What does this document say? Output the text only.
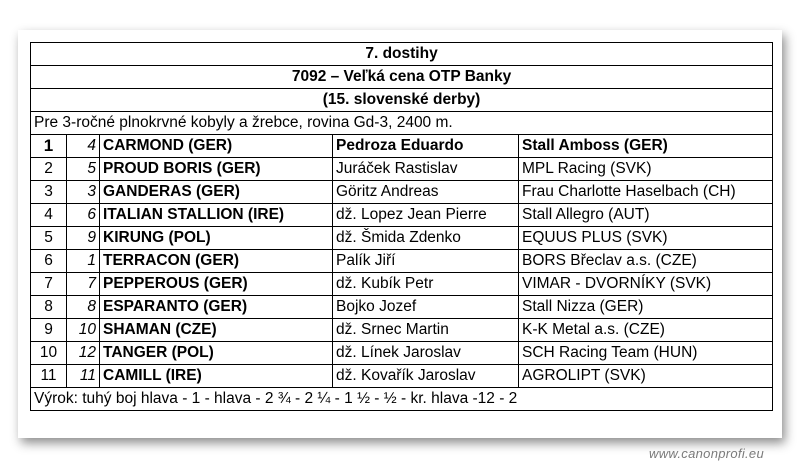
7. dostihy				
7092 – Veľká cena OTP Banky				
(15. slovenské derby)				
Pre 3-ročné plnokrvné kobyly a žrebce, rovina Gd-3, 2400 m.				
1	4	CARMOND (GER)	Pedroza Eduardo	Stall Amboss (GER)
2	5	PROUD BORIS (GER)	Juráček Rastislav	MPL Racing (SVK)
3	3	GANDERAS (GER)	Göritz Andreas	Frau Charlotte Haselbach (CH)
4	6	ITALIAN STALLION (IRE)	dž. Lopez Jean Pierre	Stall Allegro (AUT)
5	9	KIRUNG (POL)	dž. Šmida Zdenko	EQUUS PLUS (SVK)
6	1	TERRACON (GER)	Palík Jiří	BORS Břeclav a.s. (CZE)
7	7	PEPPEROUS (GER)	dž. Kubík Petr	VIMAR - DVORNÍKY (SVK)
8	8	ESPARANTO (GER)	Bojko Jozef	Stall Nizza (GER)
9	10	SHAMAN (CZE)	dž. Srnec Martin	K-K Metal a.s. (CZE)
10	12	TANGER (POL)	dž. Línek Jaroslav	SCH Racing Team (HUN)
11	11	CAMILL (IRE)	dž. Kovařík Jaroslav	AGROLIPT (SVK)
Výrok: tuhý boj hlava - 1 - hlava - 2 ¾ - 2 ¼ - 1 ½ - ½ - kr. hlava -12 - 2				
www.canonprofi.eu
